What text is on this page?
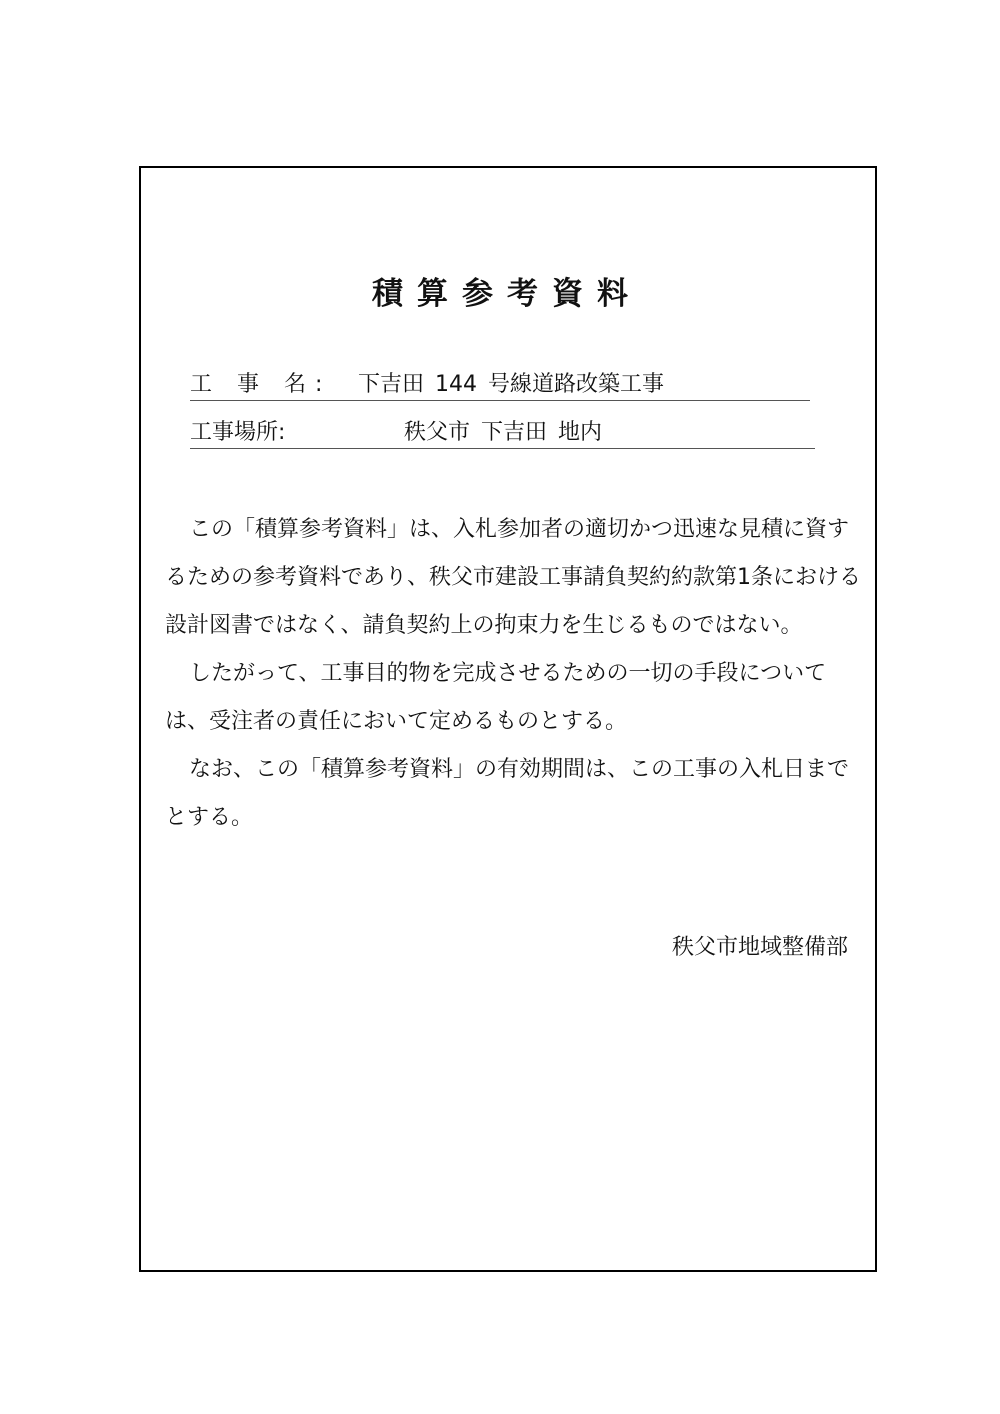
積算参考資料
工 事 名: 下吉田 144 号線道路改築工事
工事場所:	秩父市 下吉田 地内

この「積算参考資料」は、入札参加者の適切かつ迅速な見積に資するための参考資料であり、秩父市建設工事請負契約約款第1条における設計図書ではなく、請負契約上の拘束力を生じるものではない。

したがって、工事目的物を完成させるための一切の手段については、受注者の責任において定めるものとする。

なお、この「積算参考資料」の有効期間は、この工事の入札日までとする。

秩父市地域整備部
